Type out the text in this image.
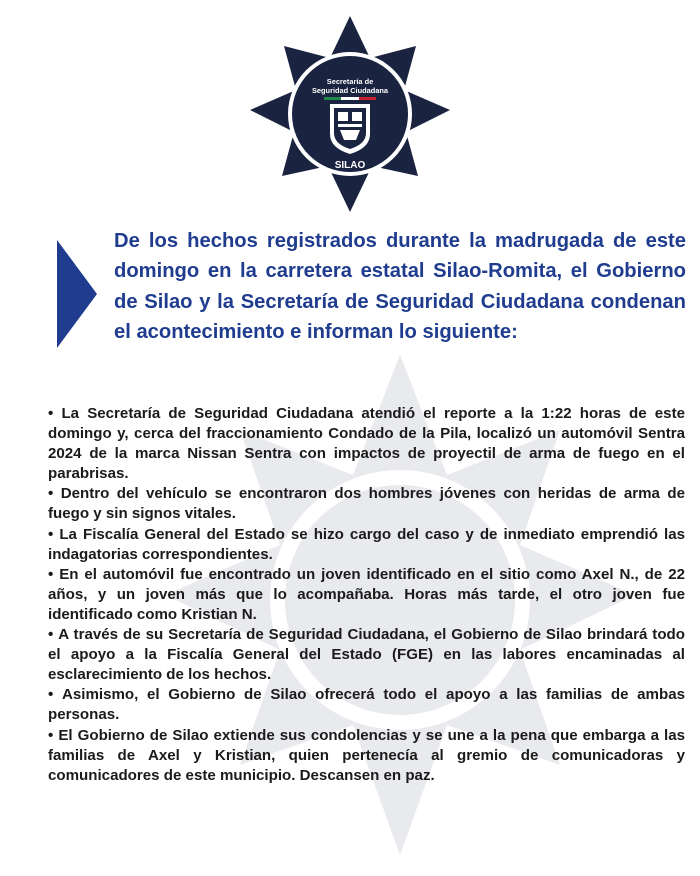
Secretaría de
Seguridad Ciudadana
SILAO

De los hechos registrados durante la madrugada de este domingo en la carretera estatal Silao-Romita, el Gobierno de Silao y la Secretaría de Seguridad Ciudadana condenan el acontecimiento e informan lo siguiente:

• La Secretaría de Seguridad Ciudadana atendió el reporte a la 1:22 horas de este domingo y, cerca del fraccionamiento Condado de la Pila, localizó un automóvil Sentra 2024 de la marca Nissan Sentra con impactos de proyectil de arma de fuego en el parabrisas.
• Dentro del vehículo se encontraron dos hombres jóvenes con heridas de arma de fuego y sin signos vitales.
• La Fiscalía General del Estado se hizo cargo del caso y de inmediato emprendió las indagatorias correspondientes.
• En el automóvil fue encontrado un joven identificado en el sitio como Axel N., de 22 años, y un joven más que lo acompañaba. Horas más tarde, el otro joven fue identificado como Kristian N.
• A través de su Secretaría de Seguridad Ciudadana, el Gobierno de Silao brindará todo el apoyo a la Fiscalía General del Estado (FGE) en las labores encaminadas al esclarecimiento de los hechos.
• Asimismo, el Gobierno de Silao ofrecerá todo el apoyo a las familias de ambas personas.
• El Gobierno de Silao extiende sus condolencias y se une a la pena que embarga a las familias de Axel y Kristian, quien pertenecía al gremio de comunicadoras y comunicadores de este municipio. Descansen en paz.
